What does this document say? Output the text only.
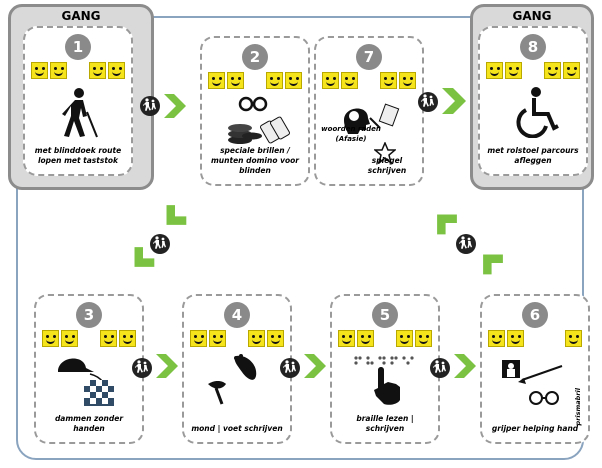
GANG	GANG
1
met blinddoek route lopen met taststok
2
speciale brillen / munten domino voor blinden
7
woorden raden (Afasie)
spiegel schrijven
8
met rolstoel parcours afleggen
3
dammen zonder handen
4
mond | voet schrijven
5
braille lezen | schrijven
6
prismabril
grijper helping hand
